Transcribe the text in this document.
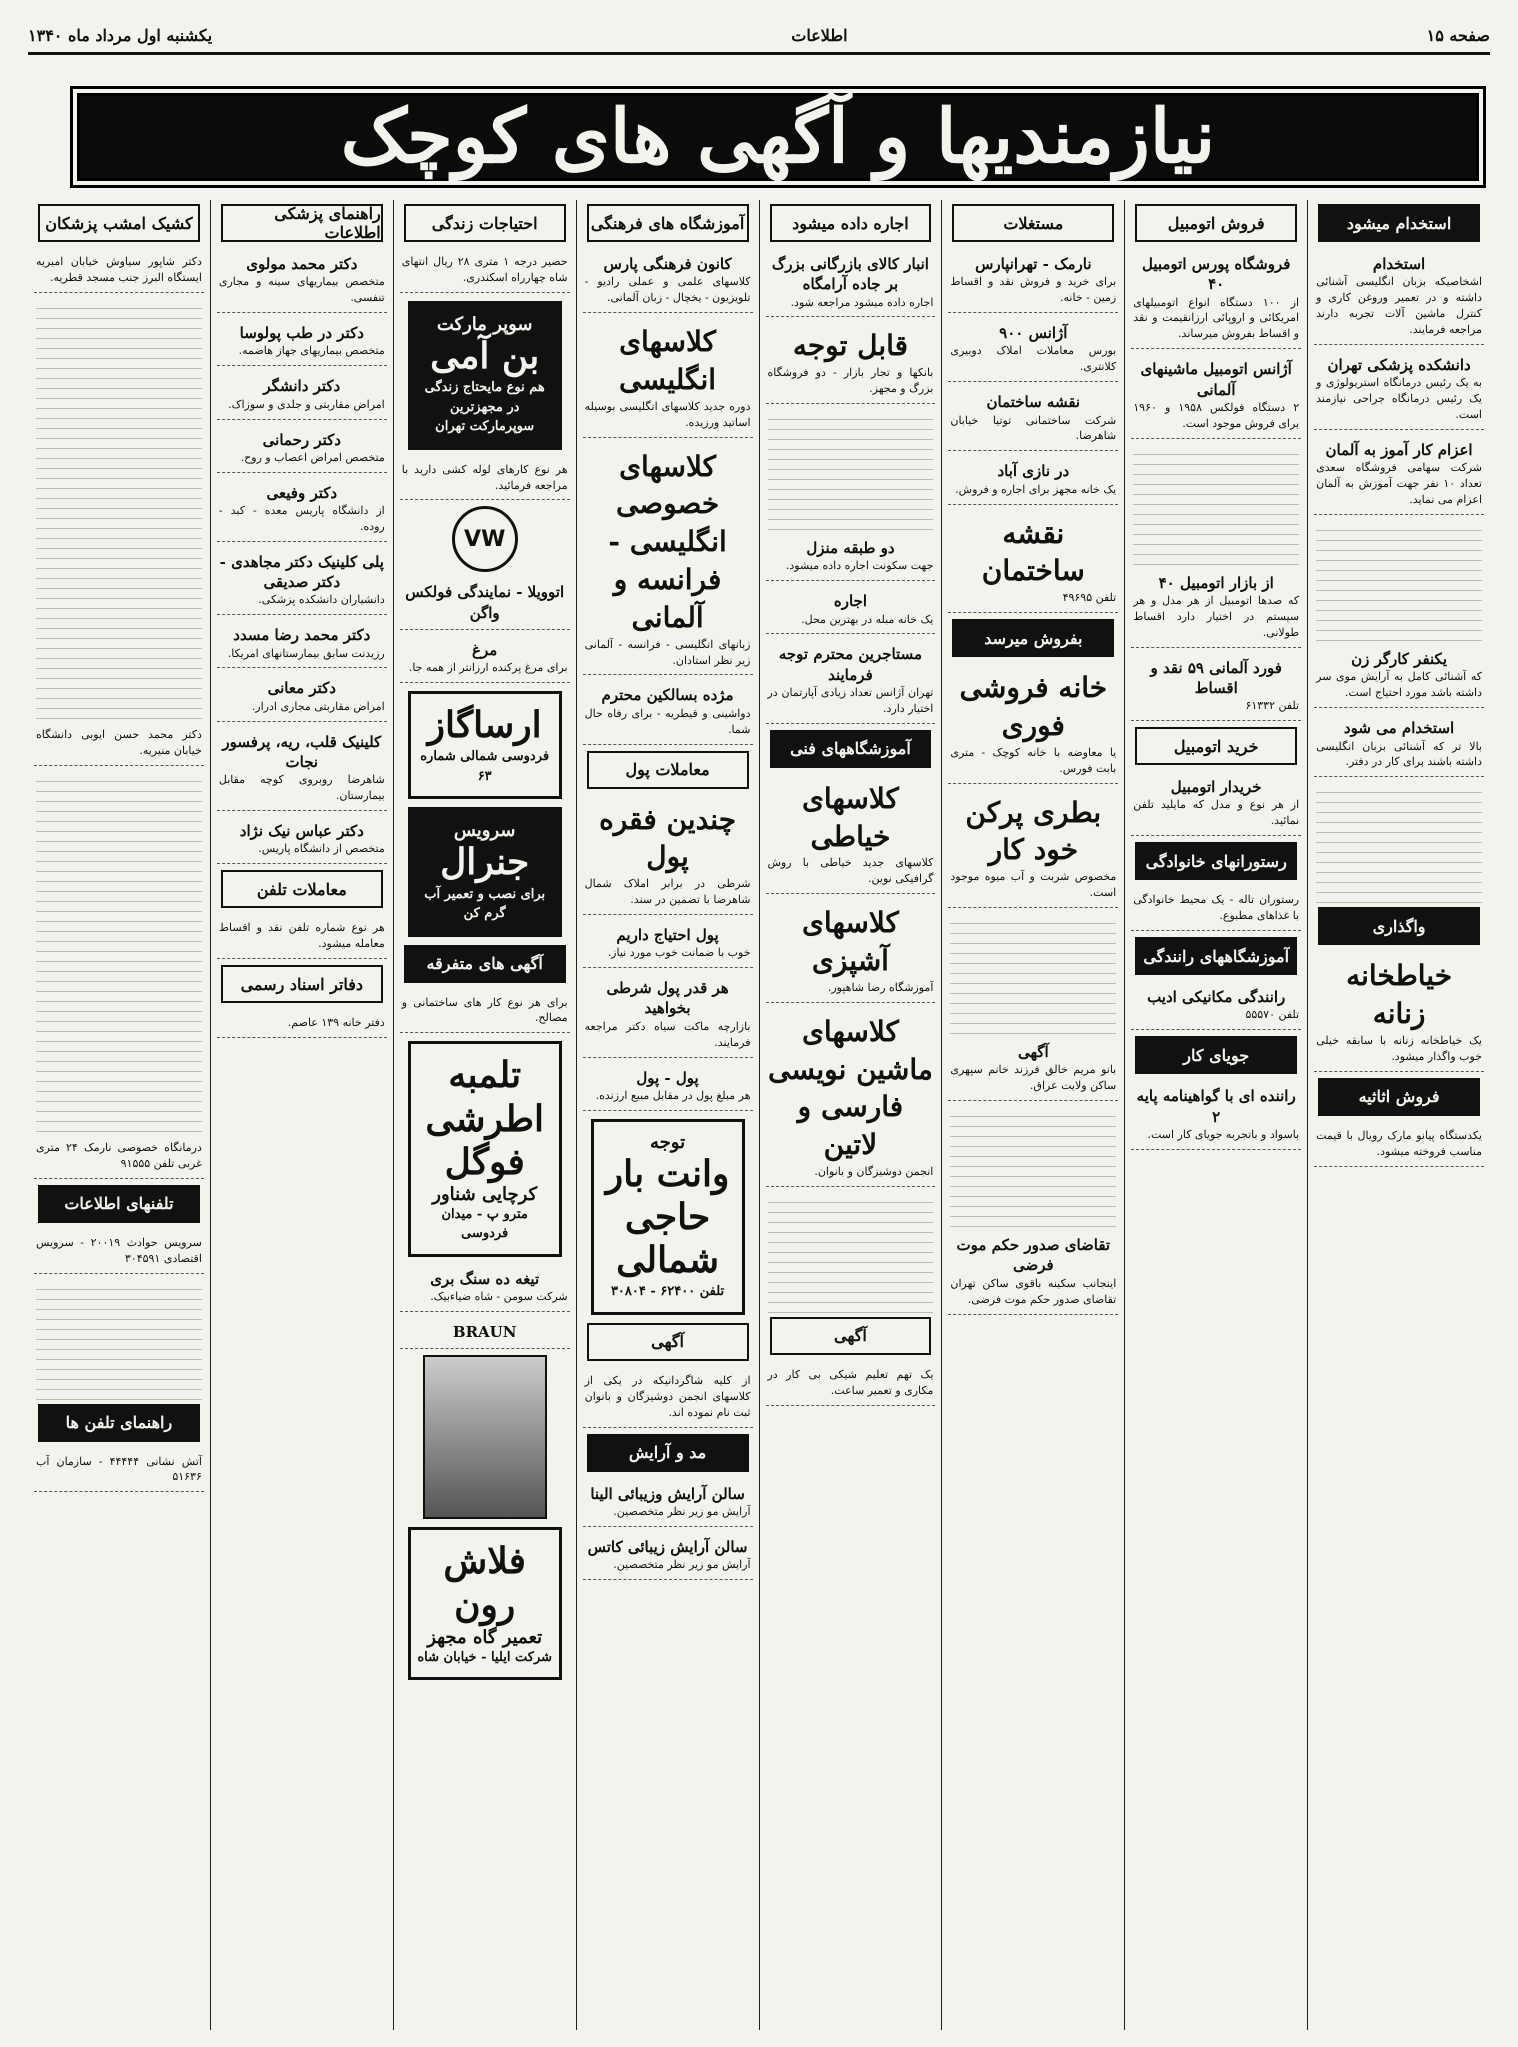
یکشنبه اول مرداد ماه ۱۳۴۰	اطلاعات	صفحه ۱۵
نیازمندیها و آگهی های کوچک
استخدام میشود
استخدام
اشخاصیکه بزبان انگلیسی آشنائی داشته و در تعمیر وروغن کاری و کنترل ماشین آلات تجربه دارند مراجعه فرمایند.
دانشکده پزشکی تهران
به یک رئیس درمانگاه استریولوژی و یک رئیس درمانگاه جراحی نیازمند است.
اعزام کار آموز به آلمان
شرکت سهامی فروشگاه سعدی تعداد ۱۰ نفر جهت آموزش به آلمان اعزام می نماید.
یکنفر کارگر زن
که آشنائی کامل به آرایش موی سر داشته باشد مورد احتیاج است.
استخدام می شود
بالا تر که آشنائی بزبان انگلیسی داشته باشند برای کار در دفتر.
واگذاری
خیاطخانه زنانه
یک خیاطخانه زنانه با سابقه خیلی خوب واگذار میشود.
فروش اثاثیه
یکدستگاه پیانو مارک رویال با قیمت مناسب فروخته میشود.
فروش اتومبیل
فروشگاه پورس اتومبیل ۴۰
از ۱۰۰ دستگاه انواع اتومبیلهای امریکائی و اروپائی ارزانقیمت و نقد و اقساط بفروش میرساند.
آژانس اتومبیل ماشینهای آلمانی
۲ دستگاه فولکس ۱۹۵۸ و ۱۹۶۰ برای فروش موجود است.
از بازار اتومبیل ۴۰
که صدها اتومبیل از هر مدل و هر سیستم در اختیار دارد اقساط طولانی.
فورد آلمانی ۵۹ نقد و اقساط
تلفن ۶۱۳۳۲
خرید اتومبیل
خریدار اتومبیل
از هر نوع و مدل که مایلید تلفن نمائید.
رستورانهای خانوادگی
رستوران تاله - یک محیط خانوادگی با غذاهای مطبوع.
آموزشگاههای رانندگی
رانندگی مکانیکی ادیب
تلفن ۵۵۵۷۰
جویای کار
راننده ای با گواهینامه پایه ۲
باسواد و باتجربه جویای کار است.
مستغلات
نارمک - تهرانپارس
برای خرید و فروش نقد و اقساط زمین - خانه.
آژانس ۹۰۰
بورس معاملات املاک دوبیری کلانتری.
نقشه ساختمان
شرکت ساختمانی توتیا خیابان شاهرضا.
در نازی آباد
یک خانه مجهز برای اجاره و فروش.
نقشه ساختمان
تلفن ۴۹۶۹۵
بفروش میرسد
خانه فروشی فوری
یا معاوضه با خانه کوچک - متری بابت فورس.
بطری پرکن خود کار
مخصوص شربت و آب میوه موجود است.
آگهی
بانو مریم خالق فرزند خانم سپهری ساکن ولایت عراق.
تقاضای صدور حکم موت فرضی
اینجانب سکینه باقوی ساکن تهران تقاضای صدور حکم موت فرضی.
اجاره داده میشود
انبار کالای بازرگانی بزرگ بر جاده آرامگاه
اجاره داده میشود مراجعه شود.
قابل توجه
بانکها و تجار بازار - دو فروشگاه بزرگ و مجهز.
دو طبقه منزل
جهت سکونت اجاره داده میشود.
اجاره
یک خانه مبله در بهترین محل.
مستاجرین محترم توجه فرمایند
تهران آژانس تعداد زیادی آپارتمان در اختیار دارد.
آموزشگاههای فنی
کلاسهای خیاطی
کلاسهای جدید خیاطی با روش گرافیکی نوین.
کلاسهای آشپزی
آموزشگاه رضا شاهپور.
کلاسهای ماشین نویسی فارسی و لاتین
انجمن دوشیزگان و بانوان.
آگهی
یک تهم تعلیم شیکی بی کار در مکاری و تعمیر ساعت.
آموزشگاه های فرهنگی
کانون فرهنگی پارس
کلاسهای علمی و عملی رادیو - تلویزیون - یخچال - زبان آلمانی.
کلاسهای انگلیسی
دوره جدید کلاسهای انگلیسی بوسیله اساتید ورزیده.
کلاسهای خصوصی انگلیسی - فرانسه و آلمانی
زبانهای انگلیسی - فرانسه - آلمانی زیر نظر استادان.
مژده بسالکین محترم
دواشینی و قیطریه - برای رفاه حال شما.
معاملات پول
چندین فقره پول
شرطی در برابر املاک شمال شاهرضا با تضمین در سند.
پول احتیاج داریم
خوب با ضمانت خوب مورد نیاز.
هر قدر پول شرطی بخواهید
بازارچه ماکت سیاه دکتر مراجعه فرمایند.
پول - پول
هر مبلغ پول در مقابل مبیع ارزنده.
توجه
وانت بار حاجی شمالی
تلفن ۶۲۴۰۰ - ۳۰۸۰۴
آگهی
از کلیه شاگردانیکه در یکی از کلاسهای انجمن دوشیزگان و بانوان ثبت نام نموده اند.
مد و آرایش
سالن آرایش وزیبائی الینا
آرایش مو زیر نظر متخصصین.
سالن آرایش زیبائی کاتس
آرایش مو زیر نظر متخصصین.
احتیاجات زندگی
حصیر درجه ۱ متری ۲۸ ریال انتهای شاه چهارراه اسکندری.
سوپر مارکت
بن آمی
هم نوع مایحتاج زندگی در مجهزترین سوپرمارکت تهران
هر نوع کارهای لوله کشی دارید با مراجعه فرمائید.
VW
اتوویلا - نمایندگی فولکس واگن
مرغ
برای مرغ پرکنده ارزانتر از همه جا.
ارساگاز
فردوسی شمالی شماره ۶۳
سرویس
جنرال
برای نصب و تعمیر آب گرم کن
آگهی های متفرقه
برای هر نوع کار های ساختمانی و مصالح.
تلمبه اطرشی فوگل
کرچایی شناور
مترو پ - میدان فردوسی
تیغه ده سنگ بری
شرکت سومن - شاه ضیاءبیک.
BRAUN
فلاش رون
تعمیر گاه مجهز
شرکت ایلیا - خیابان شاه
راهنمای پزشکی اطلاعات
دکتر محمد مولوی
متخصص بیماریهای سینه و مجاری تنفسی.
دکتر در طب پولوسا
متخصص بیماریهای جهاز هاضمه.
دکتر دانشگر
امراض مقاربتی و جلدی و سوزاک.
دکتر رحمانی
متخصص امراض اعصاب و روح.
دکتر وفیعی
از دانشگاه پاریس معده - کبد - روده.
پلی کلینیک دکتر مجاهدی - دکتر صدیقی
دانشیاران دانشکده پزشکی.
دکتر محمد رضا مسدد
رزیدنت سابق بیمارستانهای امریکا.
دکتر معانی
امراض مقاربتی مجاری ادرار.
کلینیک قلب، ریه، پرفسور نجات
شاهرضا روبروی کوچه مقابل بیمارستان.
دکتر عباس نیک نژاد
متخصص از دانشگاه پاریس.
معاملات تلفن
هر نوع شماره تلفن نقد و اقساط معامله میشود.
دفاتر اسناد رسمی
دفتر خانه ۱۳۹ عاصم.
کشیک امشب پزشکان
دکتر شاپور سیاوش خیابان امیریه ایستگاه البرز جنب مسجد قطریه.
دکتر محمد حسن ایوبی دانشگاه خیابان منیریه.
درمانگاه خصوصی نارمک ۲۴ متری غربی تلفن ۹۱۵۵۵
تلفنهای اطلاعات
سرویس حوادث ۲۰۰۱۹ - سرویس اقتصادی ۳۰۴۵۹۱
راهنمای تلفن ها
آتش نشانی ۴۴۴۴۴ - سازمان آب ۵۱۶۳۶
